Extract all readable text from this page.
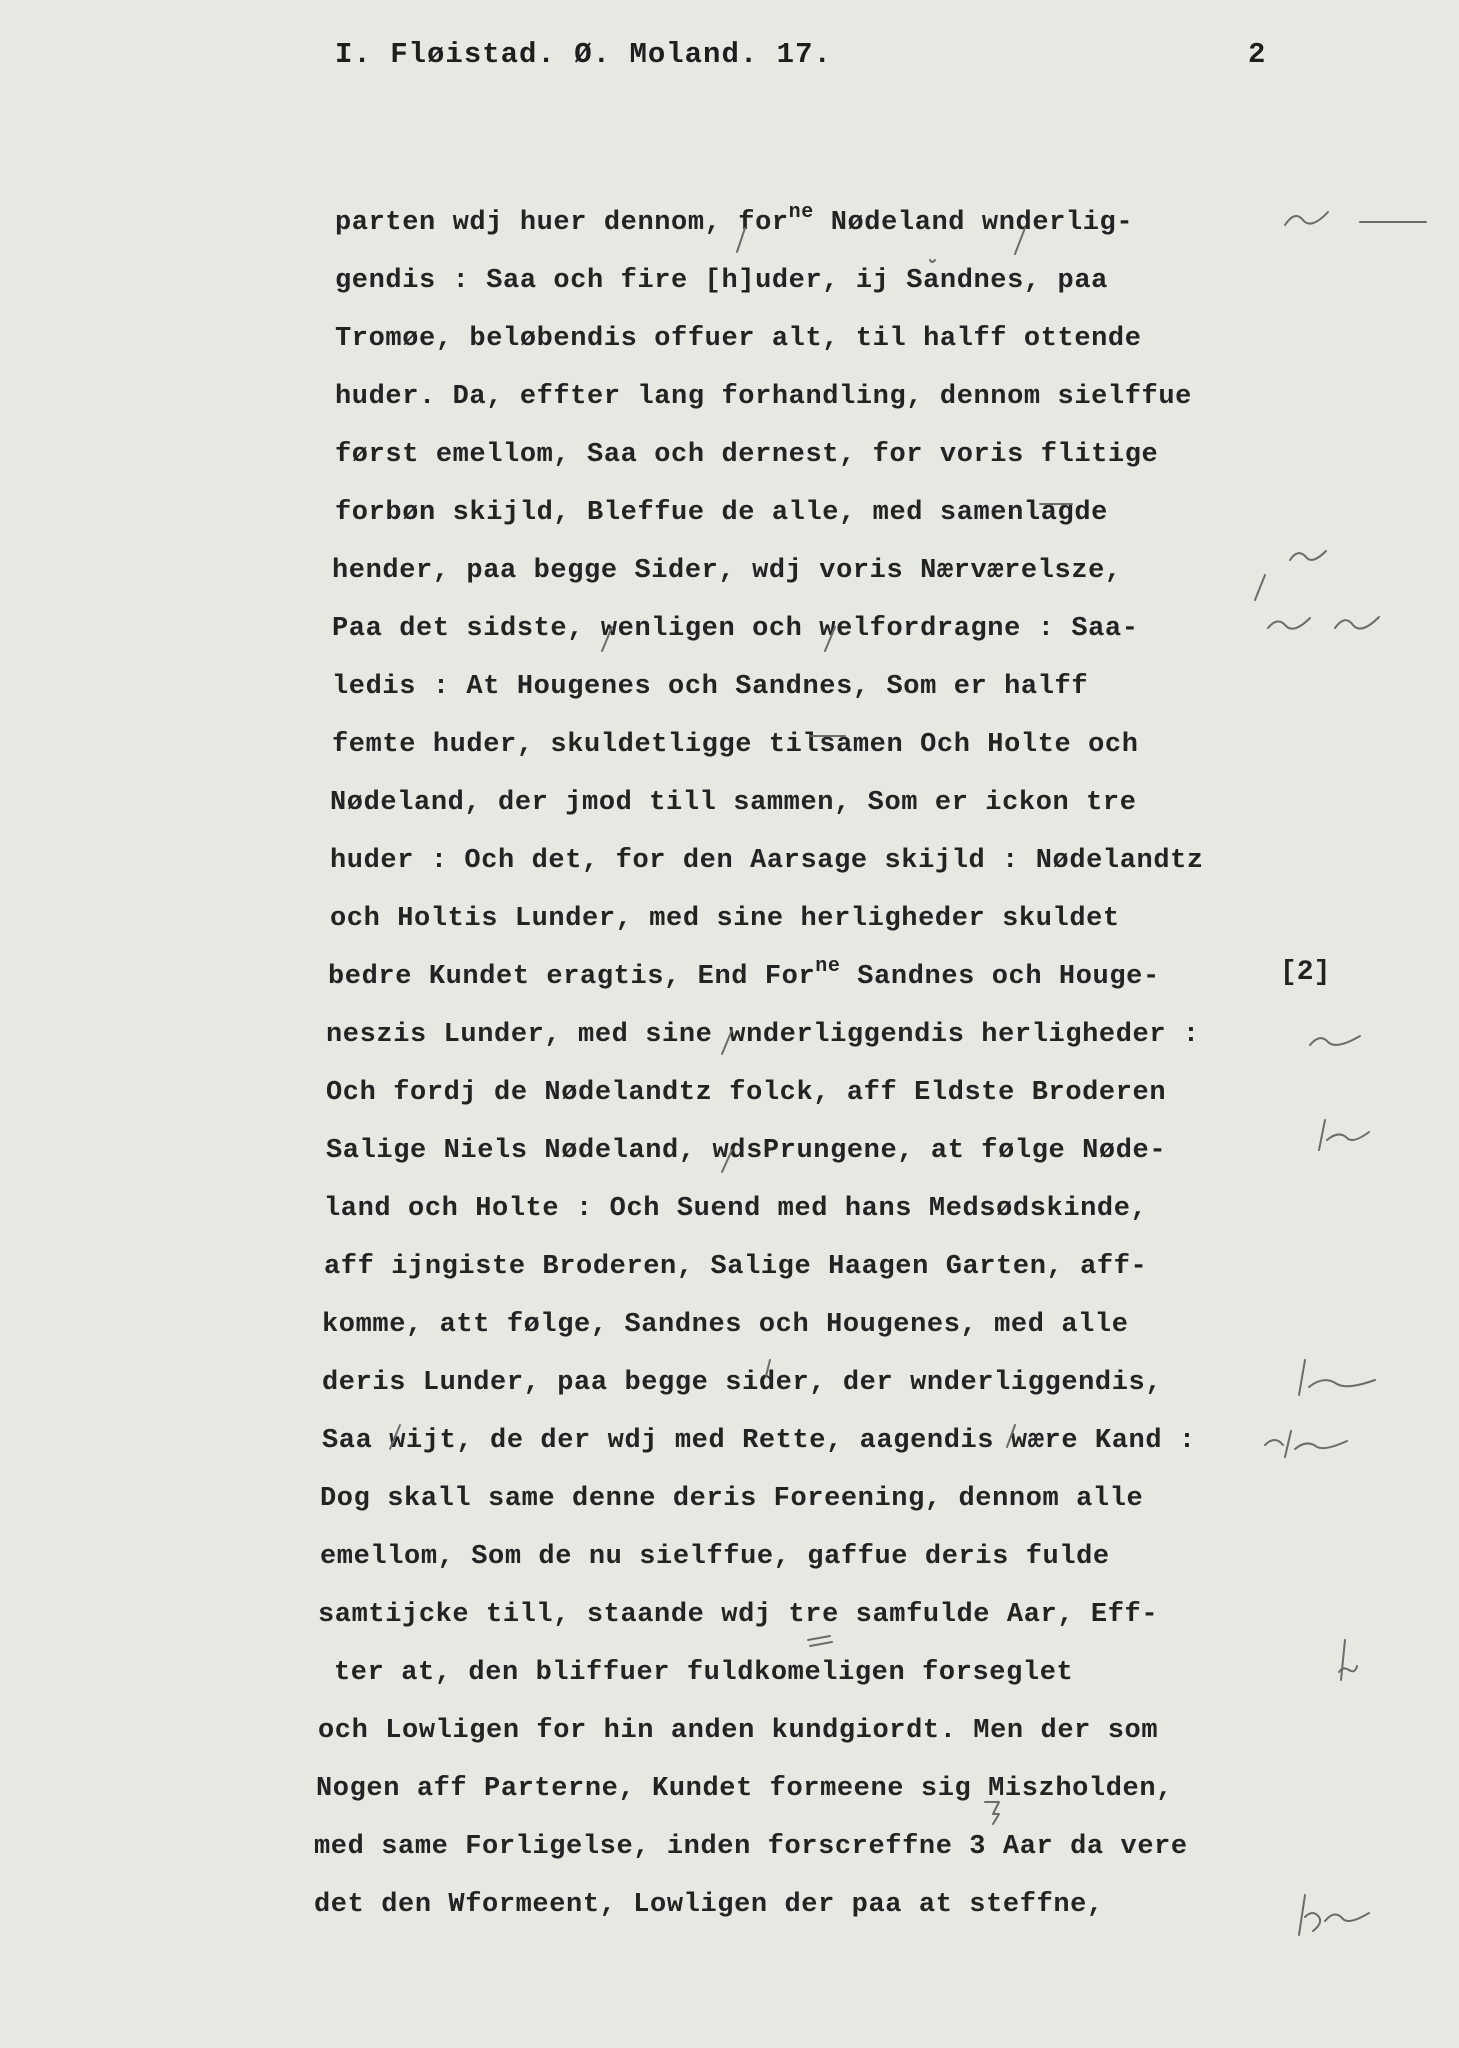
I. Fløistad. Ø. Moland. 17.	2
parten wdj huer dennom, for$^{ne}$ Nødeland wnderlig-
gendis : Saa och fire [h]uder, ij Sandnes, paa
Tromøe, beløbendis offuer alt, til halff ottende
huder. Da, effter lang forhandling, dennom sielffue
først emellom, Saa och dernest, for voris flitige
forbøn skijld, Bleffue de alle, med samenlagde
hender, paa begge Sider, wdj voris Nærværelsze,
Paa det sidste, wenligen och welfordragne : Saa-
ledis : At Hougenes och Sandnes, Som er halff
femte huder, skuldetligge tilsamen Och Holte och
Nødeland, der jmod till sammen, Som er ickon tre
huder : Och det, for den Aarsage skijld : Nødelandtz
och Holtis Lunder, med sine herligheder skuldet
bedre Kundet eragtis, End For$^{ne}$ Sandnes och Houge-
neszis Lunder, med sine wnderliggendis herligheder :
Och fordj de Nødelandtz folck, aff Eldste Broderen
Salige Niels Nødeland, wdsPrungene, at følge Nøde-
land och Holte : Och Suend med hans Medsødskinde,
aff ijngiste Broderen, Salige Haagen Garten, aff-
komme, att følge, Sandnes och Hougenes, med alle
deris Lunder, paa begge sider, der wnderliggendis,
Saa wijt, de der wdj med Rette, aagendis wære Kand :
Dog skall same denne deris Foreening, dennom alle
emellom, Som de nu sielffue, gaffue deris fulde
samtijcke till, staande wdj tre samfulde Aar, Eff-
ter at, den bliffuer fuldkomeligen forseglet
och Lowligen for hin anden kundgiordt. Men der som
Nogen aff Parterne, Kundet formeene sig Miszholden,
med same Forligelse, inden forscreffne 3 Aar da vere
det den Wformeent, Lowligen der paa at steffne,
[2]
